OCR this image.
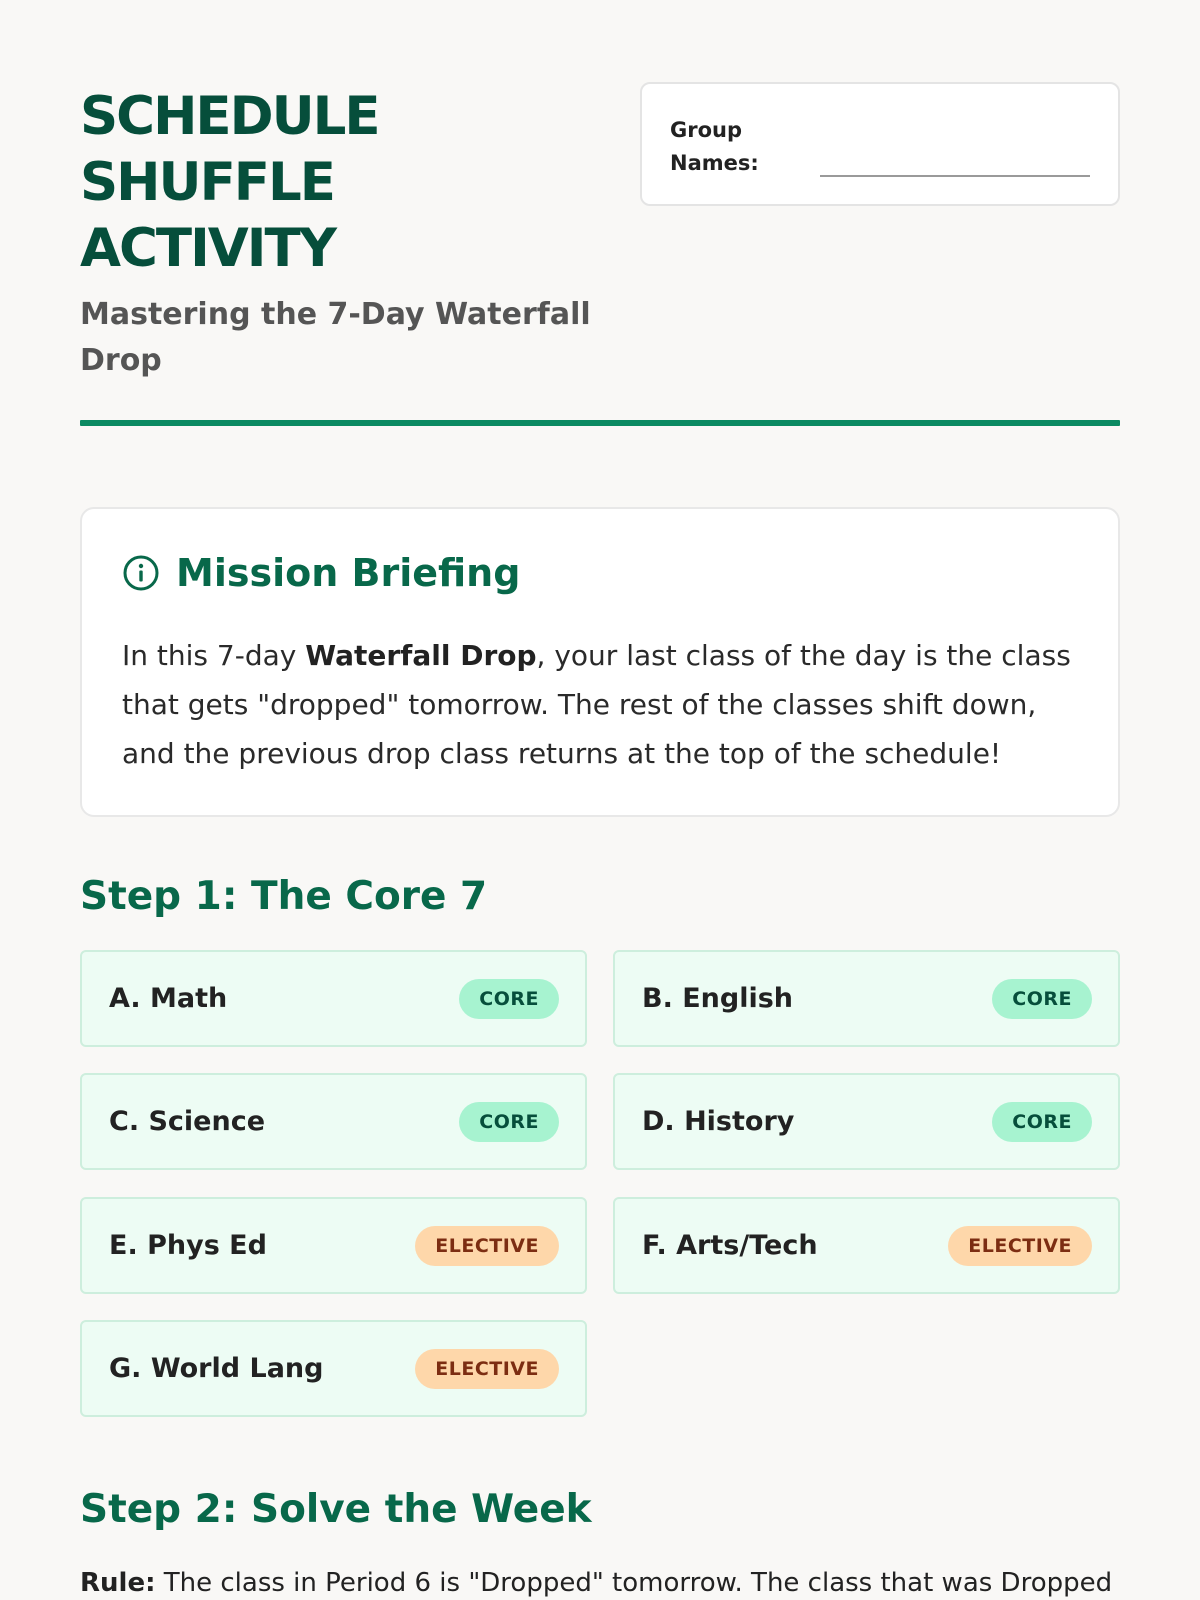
SCHEDULE SHUFFLE ACTIVITY
Mastering the 7-Day Waterfall Drop
Group Names:
Mission Briefing

In this 7-day Waterfall Drop, your last class of the day is the class that gets "dropped" tomorrow. The rest of the classes shift down, and the previous drop class returns at the top of the schedule!

Step 1: The Core 7
A. Math	CORE	B. English	CORE
C. Science	CORE	D. History	CORE
E. Phys Ed	ELECTIVE	F. Arts/Tech	ELECTIVE
G. World Lang	ELECTIVE
Step 2: Solve the Week

Rule: The class in Period 6 is "Dropped" tomorrow. The class that was Dropped
